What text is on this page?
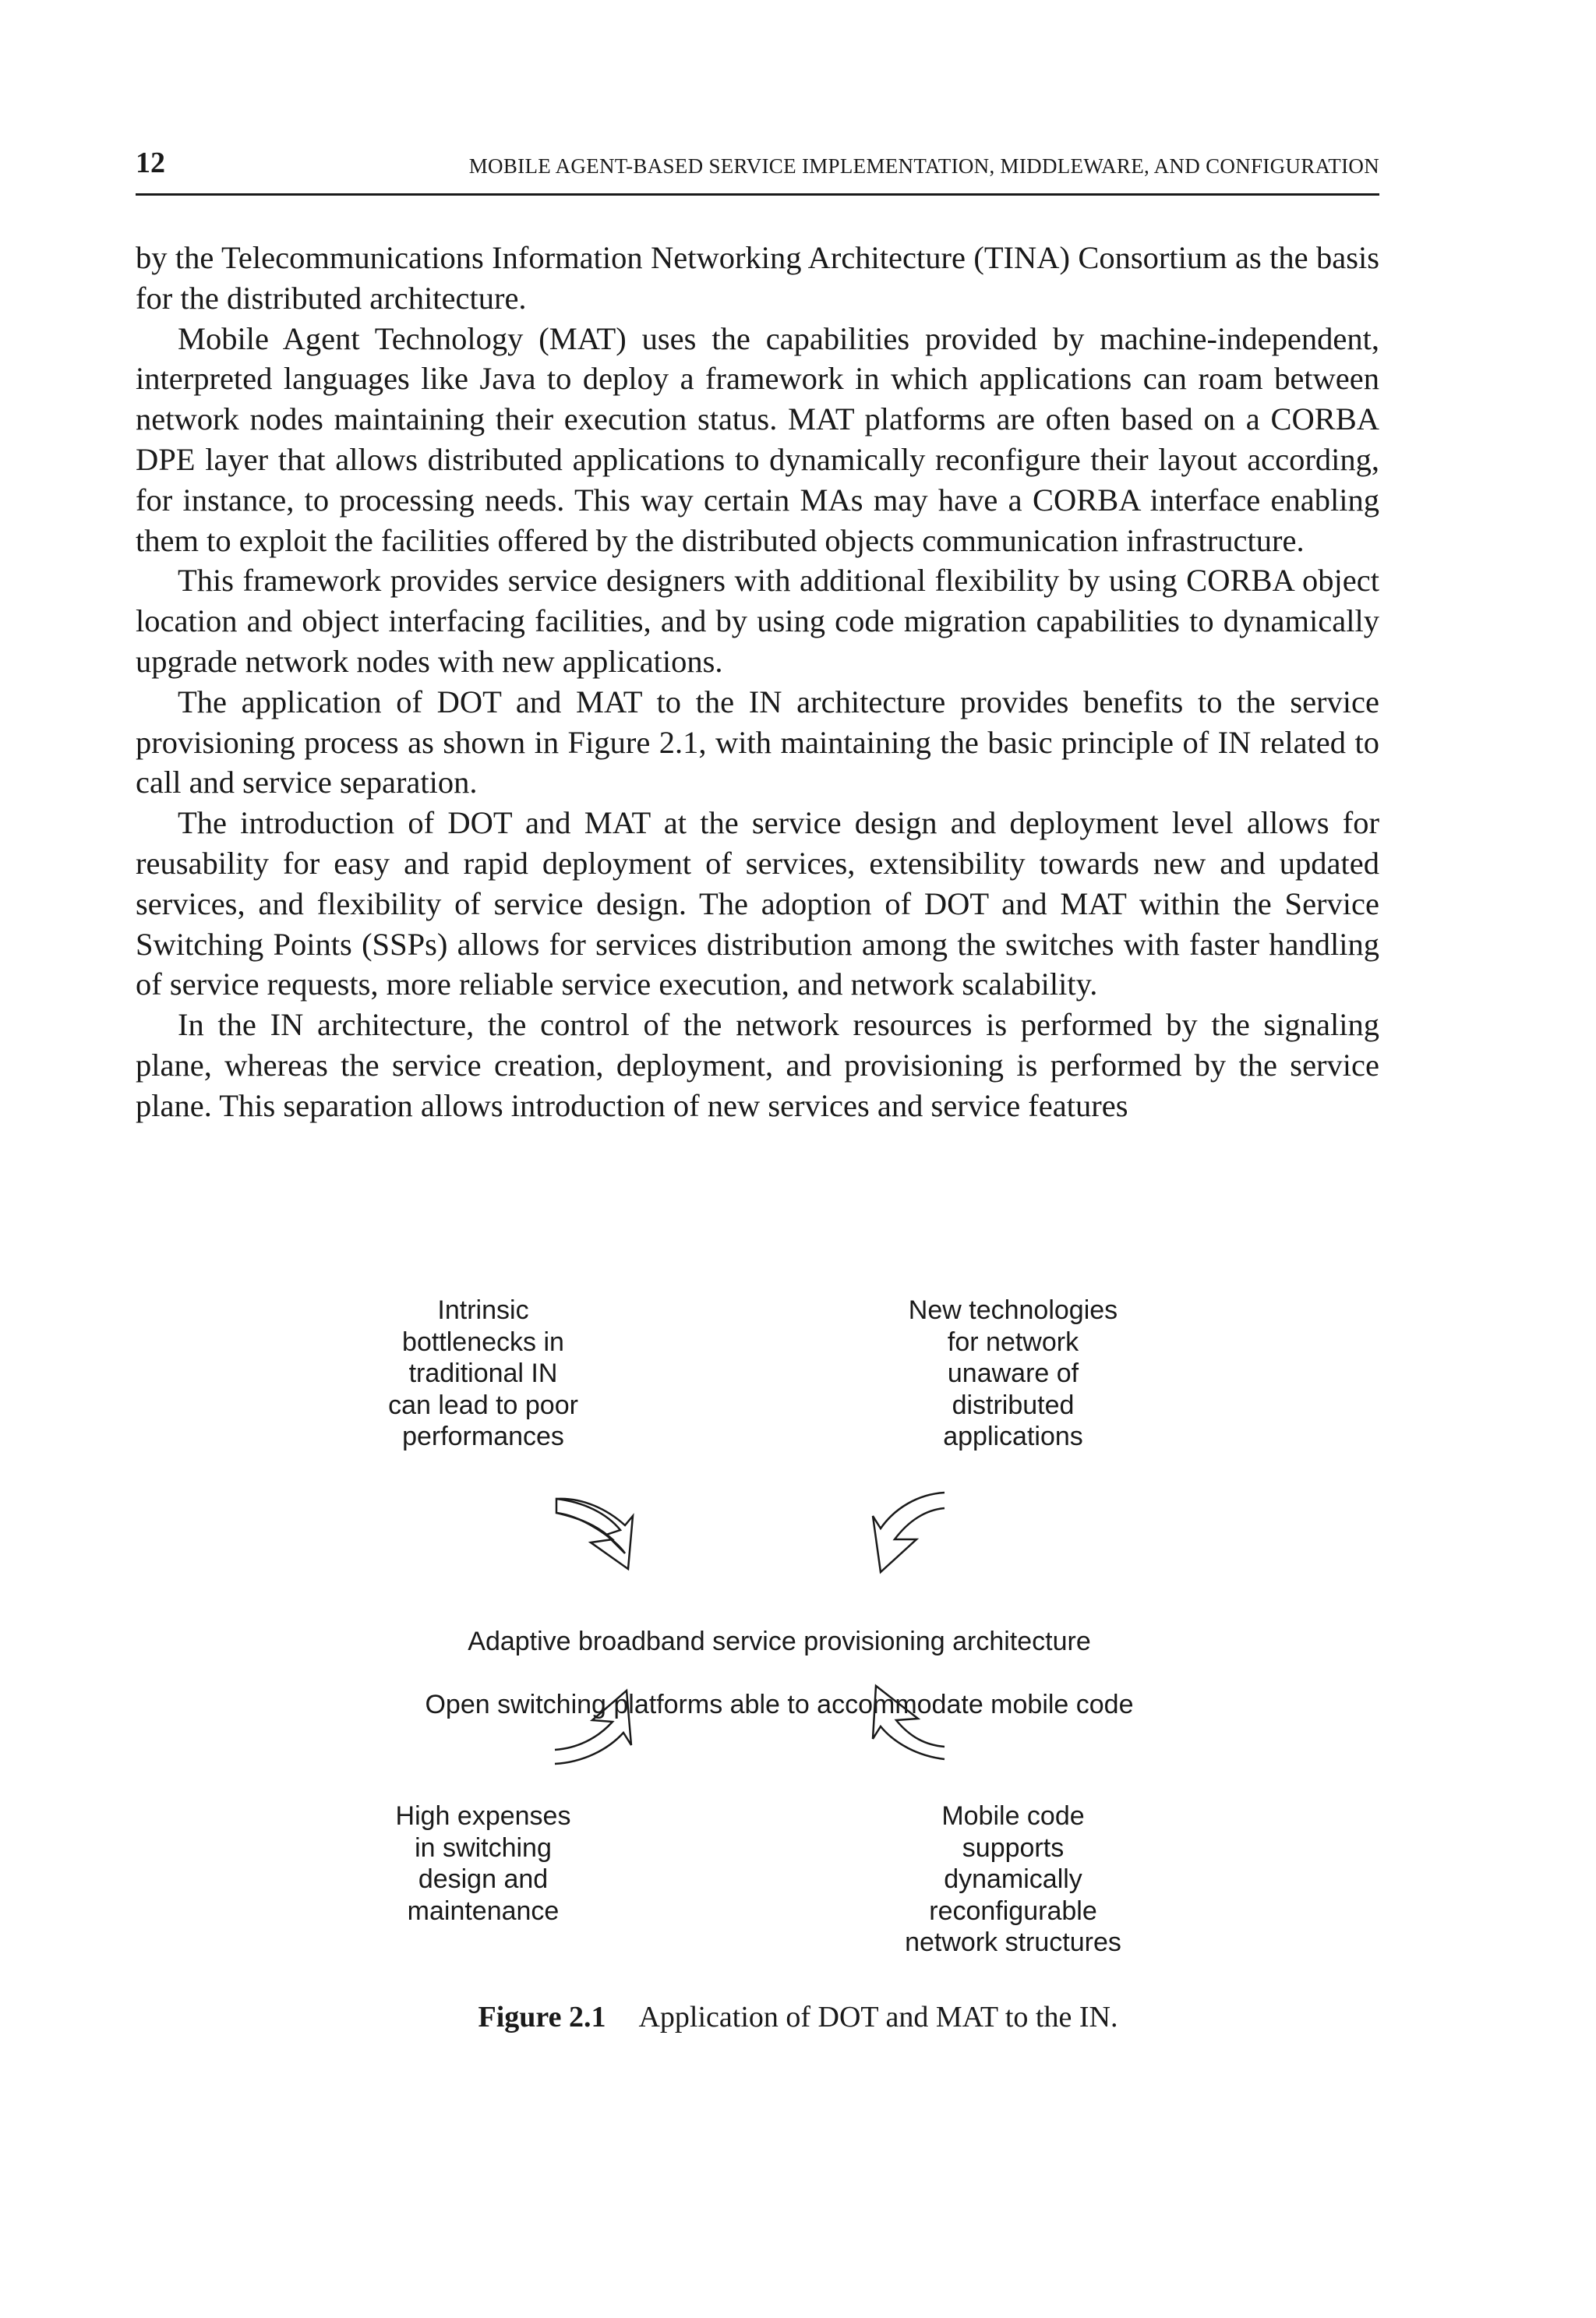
12	MOBILE AGENT-BASED SERVICE IMPLEMENTATION, MIDDLEWARE, AND CONFIGURATION

by the Telecommunications Information Networking Architecture (TINA) Consortium as the basis for the distributed architecture.

Mobile Agent Technology (MAT) uses the capabilities provided by machine-independent, interpreted languages like Java to deploy a framework in which applications can roam between network nodes maintaining their execution status. MAT platforms are often based on a CORBA DPE layer that allows distributed applications to dynamically reconfigure their layout according, for instance, to processing needs. This way certain MAs may have a CORBA interface enabling them to exploit the facilities offered by the distributed objects communication infrastructure.

This framework provides service designers with additional flexibility by using CORBA object location and object interfacing facilities, and by using code migration capabilities to dynamically upgrade network nodes with new applications.

The application of DOT and MAT to the IN architecture provides benefits to the service provisioning process as shown in Figure 2.1, with maintaining the basic principle of IN related to call and service separation.

The introduction of DOT and MAT at the service design and deployment level allows for reusability for easy and rapid deployment of services, extensibility towards new and updated services, and flexibility of service design. The adoption of DOT and MAT within the Service Switching Points (SSPs) allows for services distribution among the switches with faster handling of service requests, more reliable service execution, and network scalability.

In the IN architecture, the control of the network resources is performed by the signaling plane, whereas the service creation, deployment, and provisioning is performed by the service plane. This separation allows introduction of new services and service features

Intrinsic
bottlenecks in
traditional IN
can lead to poor
performances
New technologies
for network
unaware of
distributed
applications

Adaptive broadband service provisioning architecture

Open switching platforms able to accommodate mobile code

High expenses
in switching
design and
maintenance
Mobile code
supports
dynamically
reconfigurable
network structures
Figure 2.1 Application of DOT and MAT to the IN.
